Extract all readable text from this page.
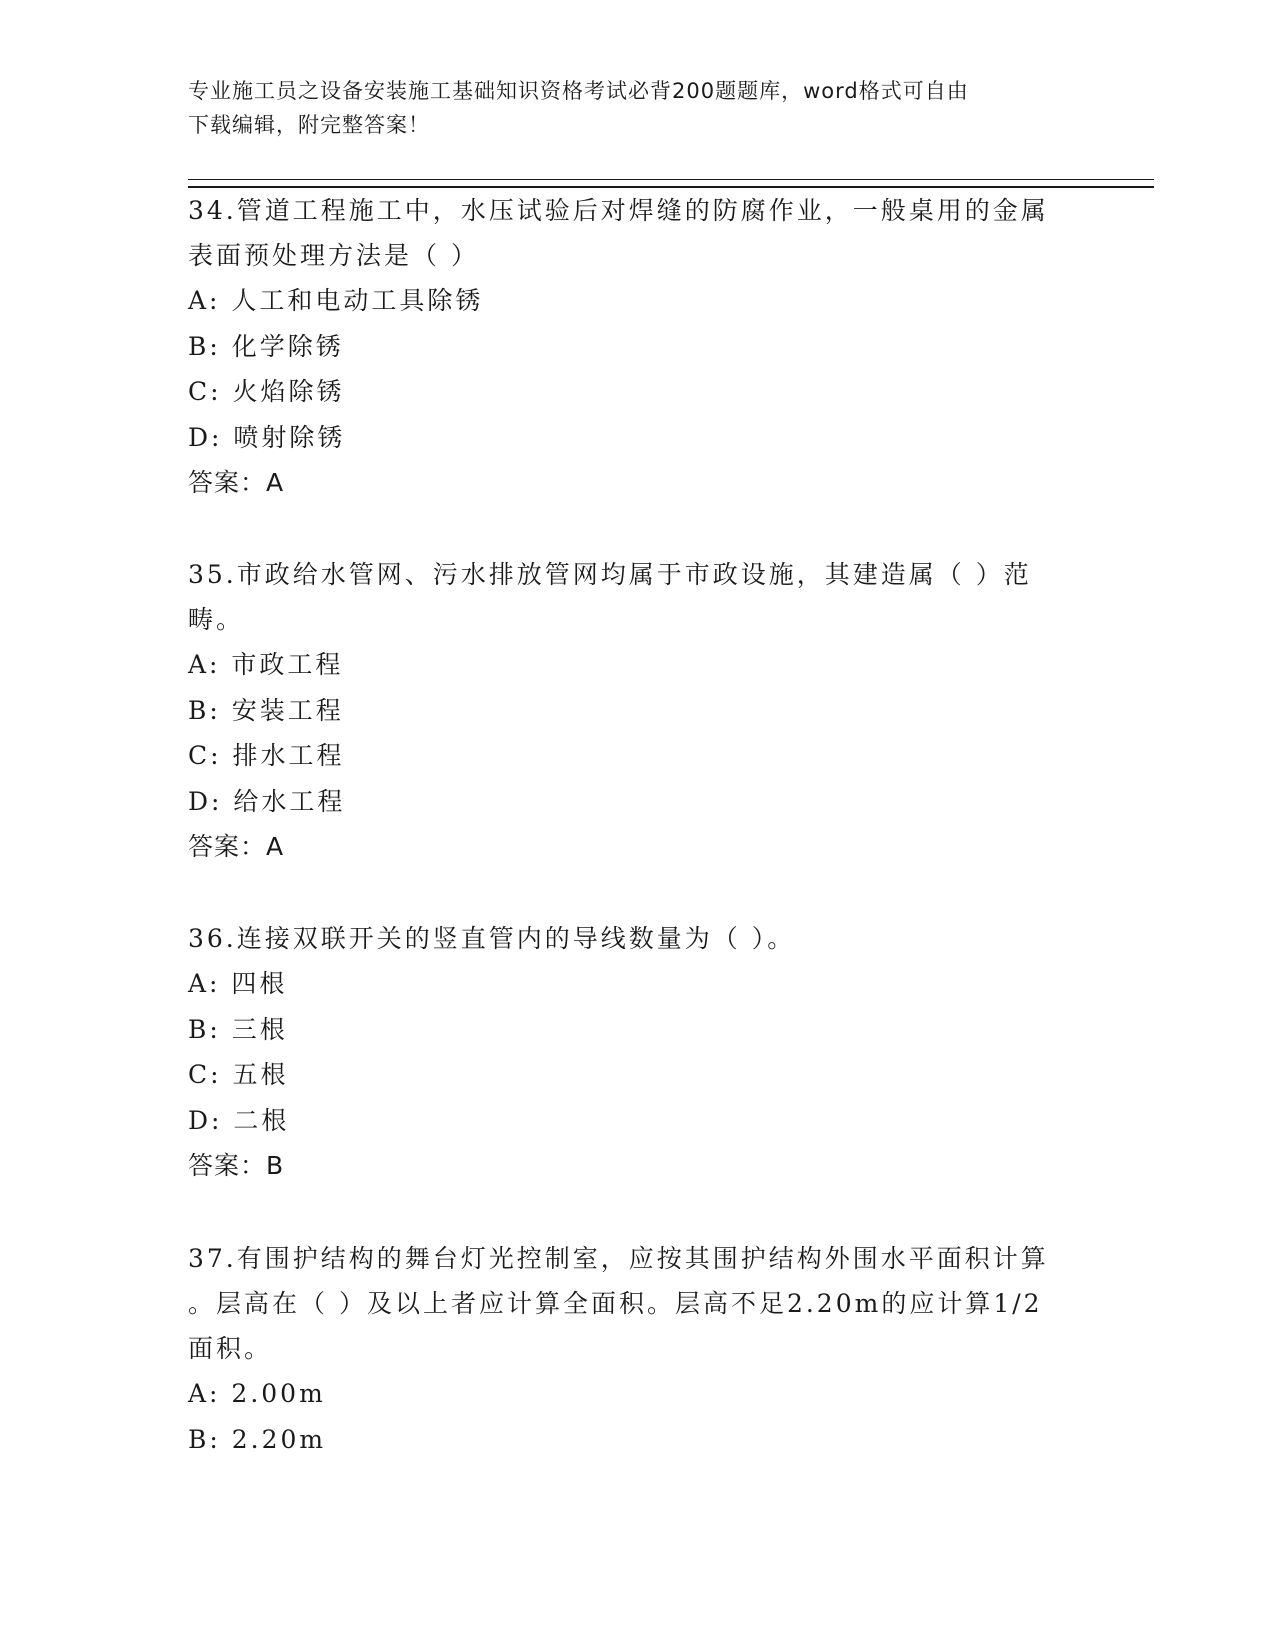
专业施工员之设备安装施工基础知识资格考试必背200题题库，word格式可自由
下载编辑，附完整答案！
34.管道工程施工中，水压试验后对焊缝的防腐作业，一般桌用的金属
表面预处理方法是（ ）
A: 人工和电动工具除锈
B: 化学除锈
C: 火焰除锈
D: 喷射除锈
答案：A
35.市政给水管网、污水排放管网均属于市政设施，其建造属（ ）范
畴。
A: 市政工程
B: 安装工程
C: 排水工程
D: 给水工程
答案：A
36.连接双联开关的竖直管内的导线数量为（ ）。
A: 四根
B: 三根
C: 五根
D: 二根
答案：B
37.有围护结构的舞台灯光控制室，应按其围护结构外围水平面积计算
。层高在（ ）及以上者应计算全面积。层高不足2.20m的应计算1/2
面积。
A: 2.00m
B: 2.20m
